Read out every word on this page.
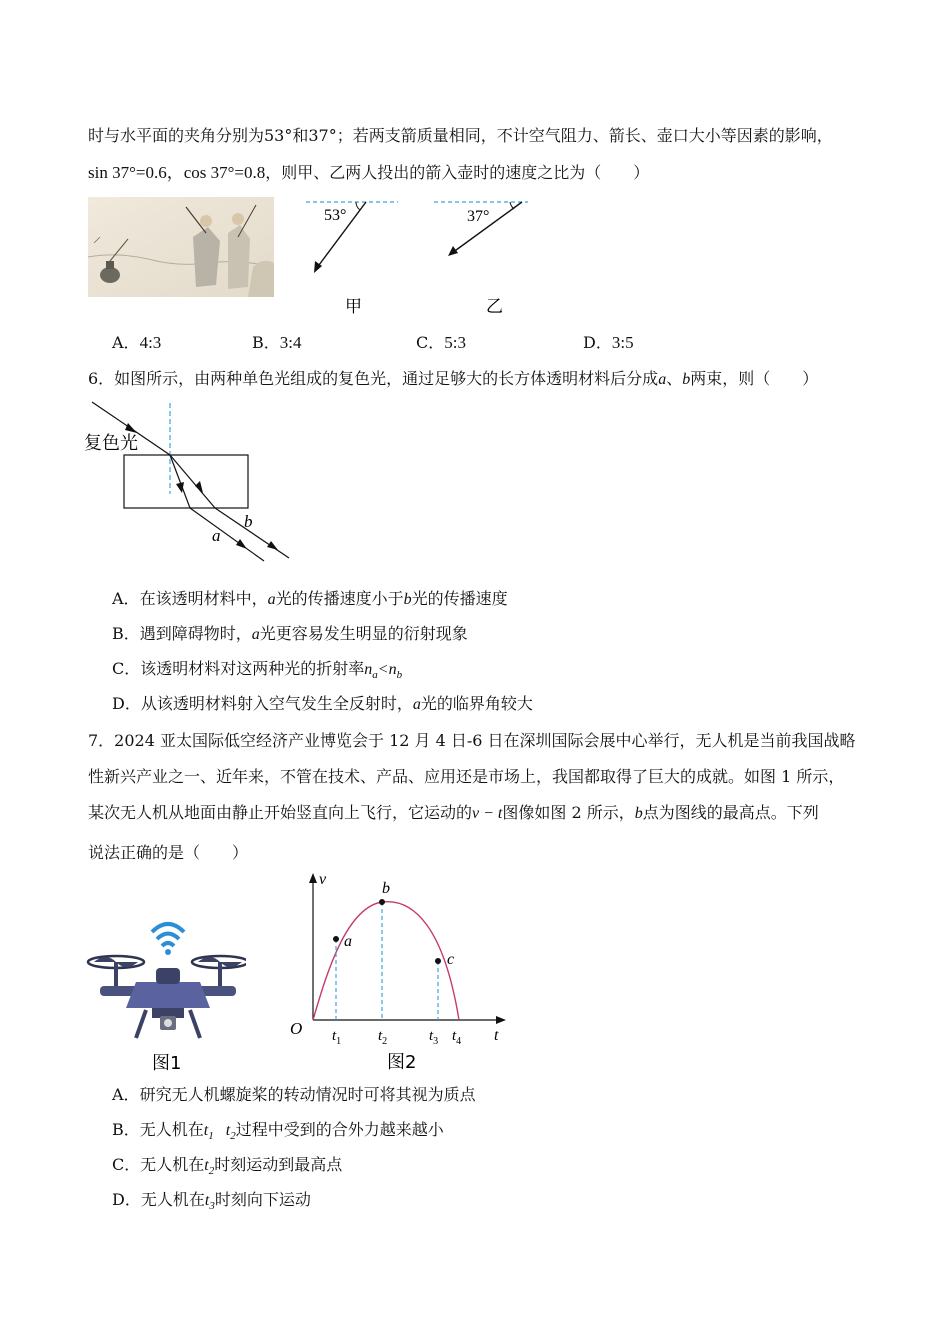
时与水平面的夹角分别为53°和37°；若两支箭质量相同，不计空气阻力、箭长、壶口大小等因素的影响，
sin 37°=0.6，cos 37°=0.8，则甲、乙两人投出的箭入壶时的速度之比为（　　）
53°
甲
37°
乙
A．4:3	B．3:4	C．5:3	D．3:5
6．如图所示，由两种单色光组成的复色光，通过足够大的长方体透明材料后分成a、b两束，则（　　）
复色光
b
a
A．在该透明材料中，a光的传播速度小于b光的传播速度
B．遇到障碍物时，a光更容易发生明显的衍射现象
C．该透明材料对这两种光的折射率$n_a<n_b$
D．从该透明材料射入空气发生全反射时，a光的临界角较大
7．2024 亚太国际低空经济产业博览会于 12 月 4 日-6 日在深圳国际会展中心举行，无人机是当前我国战略
性新兴产业之一、近年来，不管在技术、产品、应用还是市场上，我国都取得了巨大的成就。如图 1 所示，
某次无人机从地面由静止开始竖直向上飞行，它运动的v − t图像如图 2 所示，b点为图线的最高点。下列
说法正确的是（　　）
图1
v
t
O
a
b
c
$t_1$ $t_2$	$t_3$ $t_4$
图2
A．研究无人机螺旋桨的转动情况时可将其视为质点
B．无人机在$t_1$   $t_2$过程中受到的合外力越来越小
C．无人机在$t_2$时刻运动到最高点
D．无人机在$t_3$时刻向下运动
